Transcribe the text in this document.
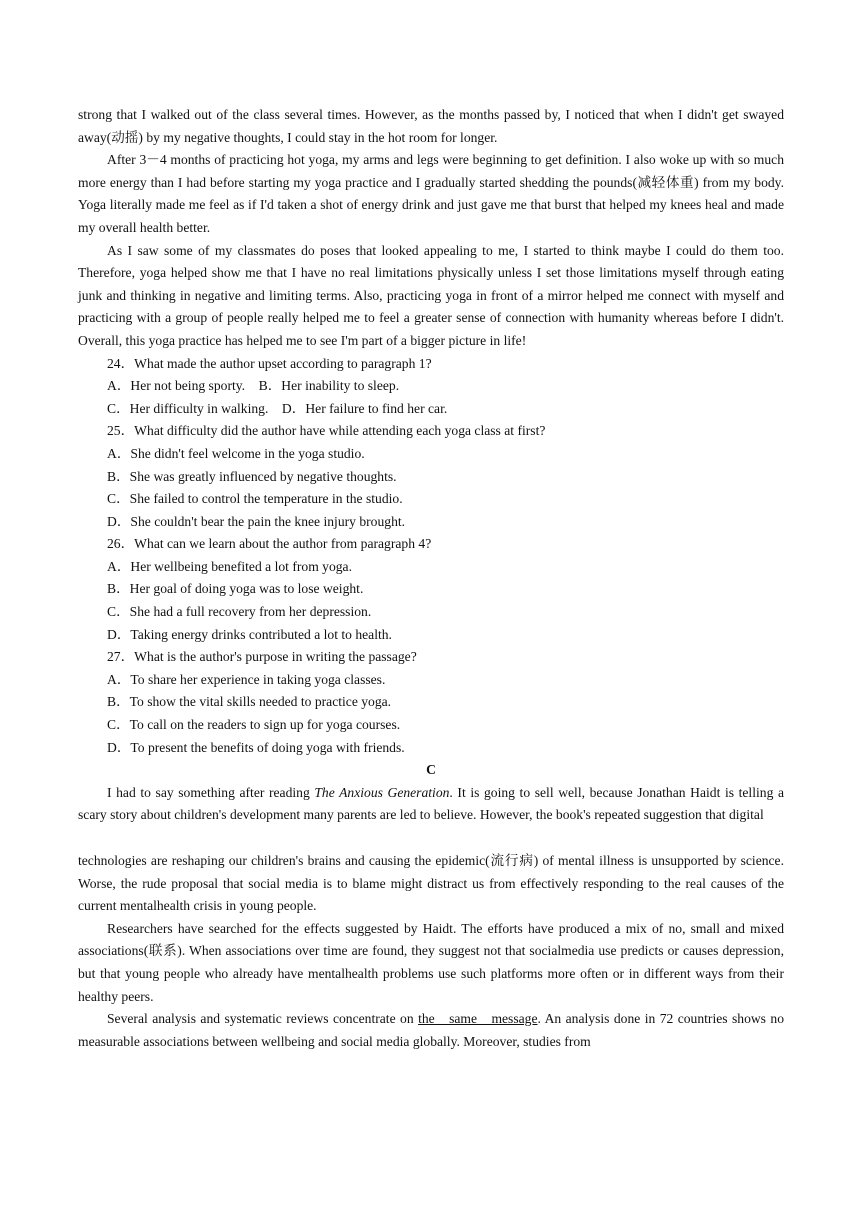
strong that I walked out of the class several times. However, as the months passed by, I noticed that when I didn't get swayed away(动摇) by my negative thoughts, I could stay in the hot room for longer.

After 3－4 months of practicing hot yoga, my arms and legs were beginning to get definition. I also woke up with so much more energy than I had before starting my yoga practice and I gradually started shedding the pounds(减轻体重) from my body. Yoga literally made me feel as if I'd taken a shot of energy drink and just gave me that burst that helped my knees heal and made my overall health better.

As I saw some of my classmates do poses that looked appealing to me, I started to think maybe I could do them too. Therefore, yoga helped show me that I have no real limitations physically unless I set those limitations myself through eating junk and thinking in negative and limiting terms. Also, practicing yoga in front of a mirror helped me connect with myself and practicing with a group of people really helped me to feel a greater sense of connection with humanity whereas before I didn't. Overall, this yoga practice has helped me to see I'm part of a bigger picture in life!

24．What made the author upset according to paragraph 1?

A．Her not being sporty.　B．Her inability to sleep.

C．Her difficulty in walking.　D．Her failure to find her car.

25．What difficulty did the author have while attending each yoga class at first?

A．She didn't feel welcome in the yoga studio.

B．She was greatly influenced by negative thoughts.

C．She failed to control the temperature in the studio.

D．She couldn't bear the pain the knee injury brought.

26．What can we learn about the author from paragraph 4?

A．Her wellbeing benefited a lot from yoga.

B．Her goal of doing yoga was to lose weight.

C．She had a full recovery from her depression.

D．Taking energy drinks contributed a lot to health.

27．What is the author's purpose in writing the passage?

A．To share her experience in taking yoga classes.

B．To show the vital skills needed to practice yoga.

C．To call on the readers to sign up for yoga courses.

D．To present the benefits of doing yoga with friends.

C

I had to say something after reading The Anxious Generation. It is going to sell well, because Jonathan Haidt is telling a scary story about children's development many parents are led to believe. However, the book's repeated suggestion that digital

technologies are reshaping our children's brains and causing the epidemic(流行病) of mental illness is unsupported by science. Worse, the rude proposal that social media is to blame might distract us from effectively responding to the real causes of the current mentalhealth crisis in young people.

Researchers have searched for the effects suggested by Haidt. The efforts have produced a mix of no, small and mixed associations(联系). When associations over time are found, they suggest not that socialmedia use predicts or causes depression, but that young people who already have mentalhealth problems use such platforms more often or in different ways from their healthy peers.

Several analysis and systematic reviews concentrate on the same message. An analysis done in 72 countries shows no measurable associations between wellbeing and social media globally. Moreover, studies from
